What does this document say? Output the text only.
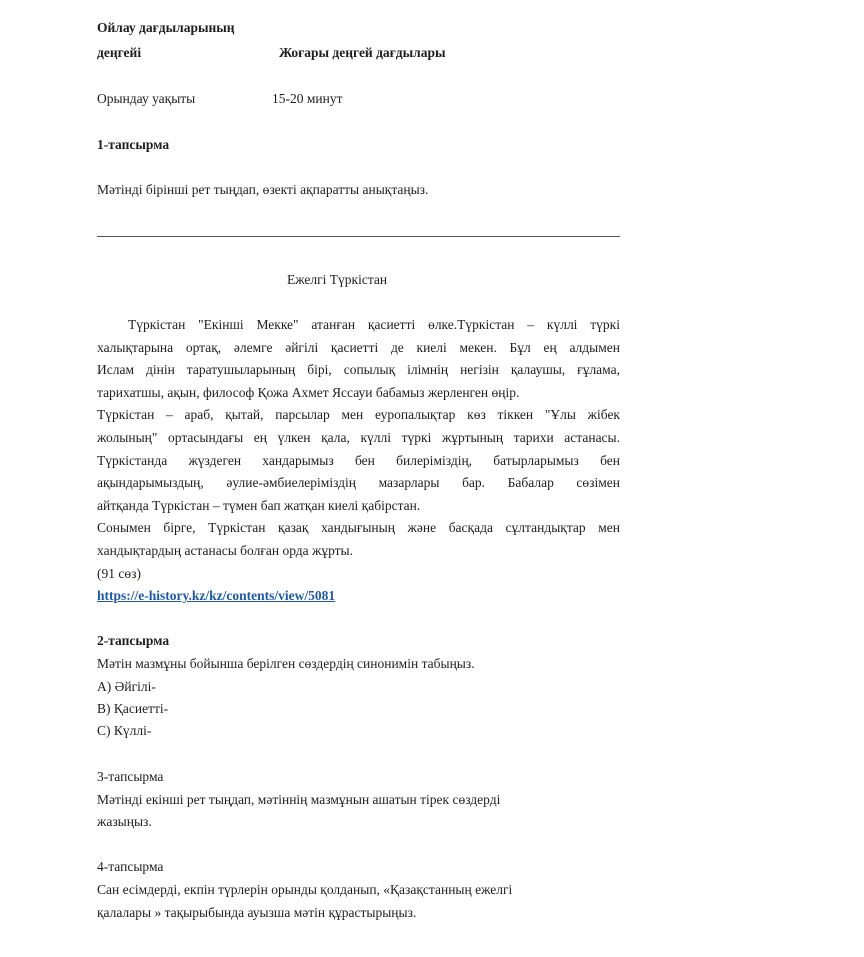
Ойлау дағдыларының
деңгейі	Жоғары деңгей дағдылары
Орындау уақыты	15-20 минут
1-тапсырма
Мәтінді бірінші рет тыңдап, өзекті ақпаратты анықтаңыз.
Ежелгі Түркістан
Түркістан "Екінші Мекке" атанған қасиетті өлке.Түркістан – күллі түркі
халықтарына ортақ, әлемге әйгілі қасиетті де киелі мекен. Бұл ең алдымен
Ислам дінін таратушыларының бірі, сопылық ілімнің негізін қалаушы, ғұлама,
тарихатшы, ақын, философ Қожа Ахмет Яссауи бабамыз жерленген өңір.
Түркістан – араб, қытай, парсылар мен еуропалықтар көз тіккен "Ұлы жібек
жолының" ортасындағы ең үлкен қала, күллі түркі жұртының тарихи астанасы.
Түркістанда жүздеген хандарымыз бен билеріміздің, батырларымыз бен
ақындарымыздың, әулие-әмбиелеріміздің мазарлары бар. Бабалар сөзімен
айтқанда Түркістан – түмен бап жатқан киелі қабірстан.
Сонымен бірге, Түркістан қазақ хандығының және басқада сұлтандықтар мен
хандықтардың астанасы болған орда жұрты.
(91 сөз)
https://e-history.kz/kz/contents/view/5081
2-тапсырма
Мәтін мазмұны бойынша берілген сөздердің синонимін табыңыз.
А) Әйгілі-
В) Қасиетті-
С) Күллі-
3-тапсырма
Мәтінді екінші рет тыңдап, мәтіннің мазмұнын ашатын тірек сөздерді
жазыңыз.
4-тапсырма
Сан есімдерді, екпін түрлерін орынды қолданып, «Қазақстанның ежелгі
қалалары » тақырыбында ауызша мәтін құрастырыңыз.
